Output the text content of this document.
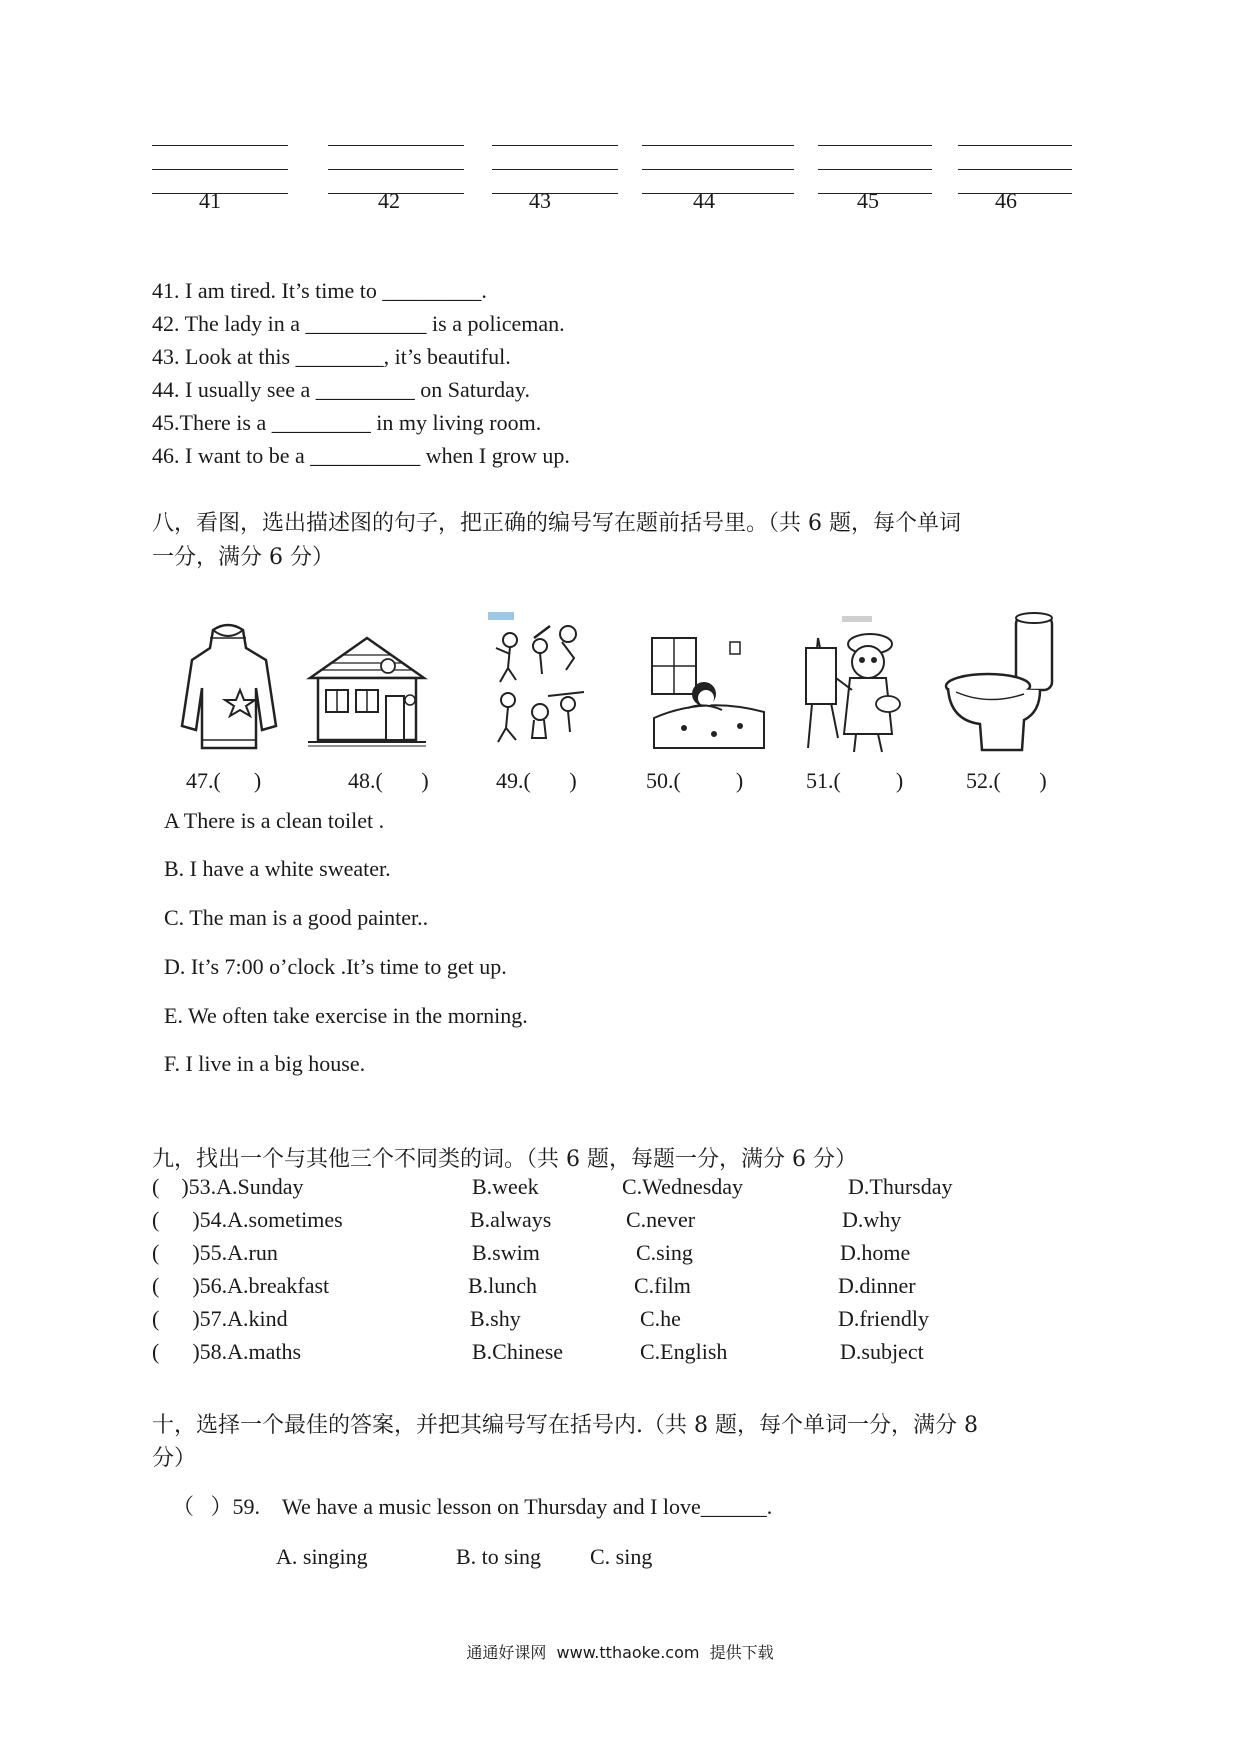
41	42	43	44	45	46
41. I am tired. It’s time to _________.
42. The lady in a ___________ is a policeman.
43. Look at this ________, it’s beautiful.
44. I usually see a _________ on Saturday.
45.There is a _________ in my living room.
46. I want to be a __________ when I grow up.
八，看图，选出描述图的句子，把正确的编号写在题前括号里。（共 6 题，每个单词
一分，满分 6 分）
47.(      )	48.(       )	49.(       )	50.(          )	51.(          )	52.(       )
A There is a clean toilet .
B. I have a white sweater.
C. The man is a good painter..
D. It’s 7:00 o’clock .It’s time to get up.
E. We often take exercise in the morning.
F. I live in a big house.
九，找出一个与其他三个不同类的词。（共 6 题，每题一分，满分 6 分）
(    )53.A.Sunday	B.week	C.Wednesday	D.Thursday
(      )54.A.sometimes	B.always	C.never	D.why
(      )55.A.run	B.swim	C.sing	D.home
(      )56.A.breakfast	B.lunch	C.film	D.dinner
(      )57.A.kind	B.shy	C.he	D.friendly
(      )58.A.maths	B.Chinese	C.English	D.subject
十，选择一个最佳的答案，并把其编号写在括号内.（共 8 题，每个单词一分，满分 8
分）
（   ）59.    We have a music lesson on Thursday and I love______.
A. singing	B. to sing C. sing
通通好课网  www.tthaoke.com  提供下载
